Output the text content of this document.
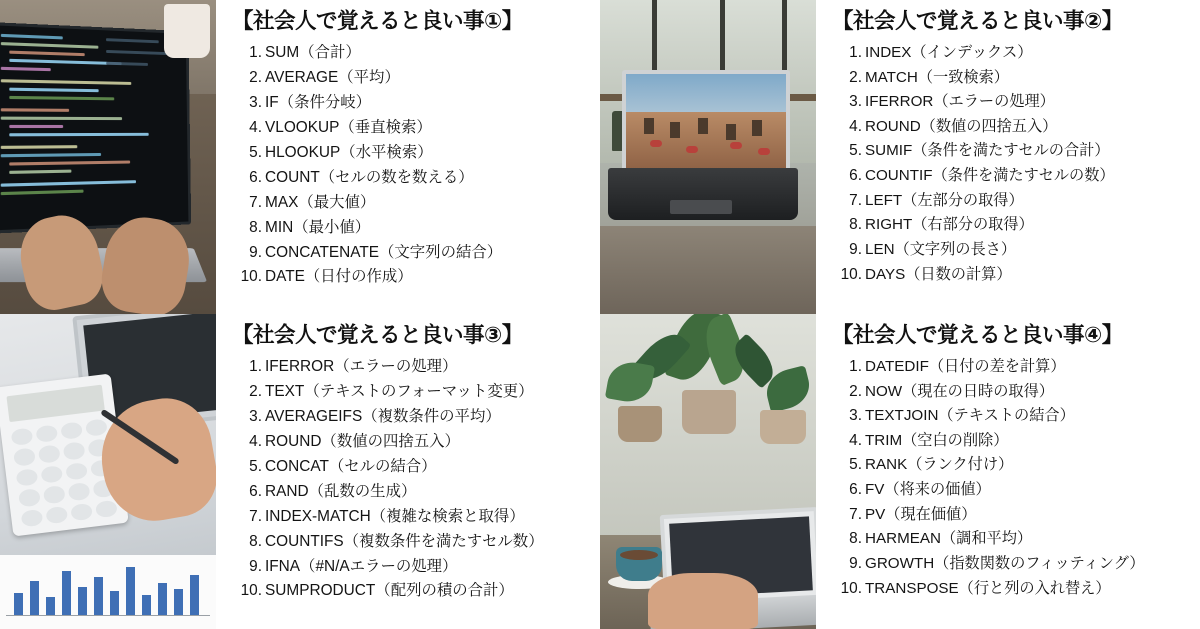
【社会人で覚えると良い事①】
SUM（合計）
AVERAGE（平均）
IF（条件分岐）
VLOOKUP（垂直検索）
HLOOKUP（水平検索）
COUNT（セルの数を数える）
MAX（最大値）
MIN（最小値）
CONCATENATE（文字列の結合）
DATE（日付の作成）
【社会人で覚えると良い事②】
INDEX（インデックス）
MATCH（一致検索）
IFERROR（エラーの処理）
ROUND（数値の四捨五入）
SUMIF（条件を満たすセルの合計）
COUNTIF（条件を満たすセルの数）
LEFT（左部分の取得）
RIGHT（右部分の取得）
LEN（文字列の長さ）
DAYS（日数の計算）
【社会人で覚えると良い事③】
IFERROR（エラーの処理）
TEXT（テキストのフォーマット変更）
AVERAGEIFS（複数条件の平均）
ROUND（数値の四捨五入）
CONCAT（セルの結合）
RAND（乱数の生成）
INDEX-MATCH（複雑な検索と取得）
COUNTIFS（複数条件を満たすセル数）
IFNA（#N/Aエラーの処理）
SUMPRODUCT（配列の積の合計）
【社会人で覚えると良い事④】
DATEDIF（日付の差を計算）
NOW（現在の日時の取得）
TEXTJOIN（テキストの結合）
TRIM（空白の削除）
RANK（ランク付け）
FV（将来の価値）
PV（現在価値）
HARMEAN（調和平均）
GROWTH（指数関数のフィッティング）
TRANSPOSE（行と列の入れ替え）
